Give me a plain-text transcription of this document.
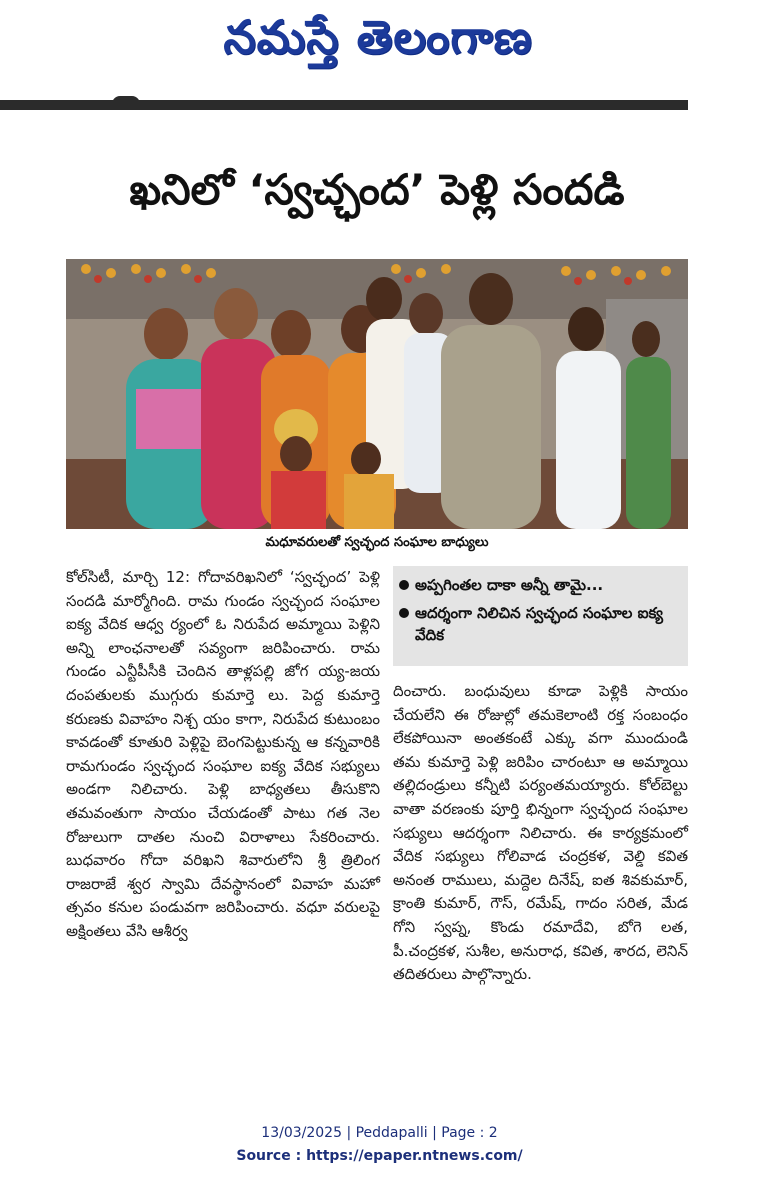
నమస్తే తెలంగాణ
ఖనిలో ‘స్వచ్ఛంద’ పెళ్లి సందడి
మధూవరులతో స్వచ్ఛంద సంఘాల బాధ్యులు

కోల్‌సిటీ, మార్చి 12: గోదావరిఖనిలో ‘స్వచ్ఛంద’ పెళ్లి సందడి మార్మోగింది. రామ గుండం స్వచ్ఛంద సంఘాల ఐక్య వేదిక ఆధ్వ ర్యంలో ఓ నిరుపేద అమ్మాయి పెళ్లిని అన్ని లాంఛనాలతో సవ్యంగా జరిపించారు. రామ గుండం ఎన్టీపీసీకి చెందిన తాళ్లపల్లి జోగ య్య-జయ దంపతులకు ముగ్గురు కుమార్తె లు. పెద్ద కుమార్తె కరుణకు వివాహం నిశ్చ యం కాగా, నిరుపేద కుటుంబం కావడంతో కూతురి పెళ్లిపై బెంగపెట్టుకున్న ఆ కన్నవారికి రామగుండం స్వచ్ఛంద సంఘాల ఐక్య వేదిక సభ్యులు అండగా నిలిచారు. పెళ్లి బాధ్యతలు తీసుకొని తమవంతుగా సాయం చేయడంతో పాటు గత నెల రోజులుగా దాతల నుంచి విరాళాలు సేకరించారు. బుధవారం గోదా వరిఖని శివారులోని శ్రీ త్రిలింగ రాజరాజే శ్వర స్వామి దేవస్థానంలో వివాహ మహో త్సవం కనుల పండువగా జరిపించారు. వధూ వరులపై అక్షింతలు వేసి ఆశీర్వ

అప్పగింతల దాకా అన్నీ తామై...
ఆదర్శంగా నిలిచిన స్వచ్ఛంద సంఘాల ఐక్య వేదిక

దించారు. బంధువులు కూడా పెళ్లికి సాయం చేయలేని ఈ రోజుల్లో తమకెలాంటి రక్త సంబంధం లేకపోయినా అంతకంటే ఎక్కు వగా ముందుండి తమ కుమార్తె పెళ్లి జరిపిం చారంటూ ఆ అమ్మాయి తల్లిదండ్రులు కన్నీటి పర్యంతమయ్యారు. కోల్‌బెల్టు వాతా వరణంకు పూర్తి భిన్నంగా స్వచ్ఛంద సంఘాల సభ్యులు ఆదర్శంగా నిలిచారు. ఈ కార్యక్రమంలో వేదిక సభ్యులు గోలివాడ చంద్రకళ, వెల్డి కవిత అనంత రాములు, మద్దెల దినేష్, ఐత శివకుమార్, క్రాంతి కుమార్, గౌస్, రమేష్, గాదం సరిత, మేడ గోని స్వప్న, కొండు రమాదేవి, బోగె లత, పీ.చంద్రకళ, సుశీల, అనురాధ, కవిత, శారద, లెనిన్ తదితరులు పాల్గొన్నారు.

13/03/2025 | Peddapalli | Page : 2
Source : https://epaper.ntnews.com/
